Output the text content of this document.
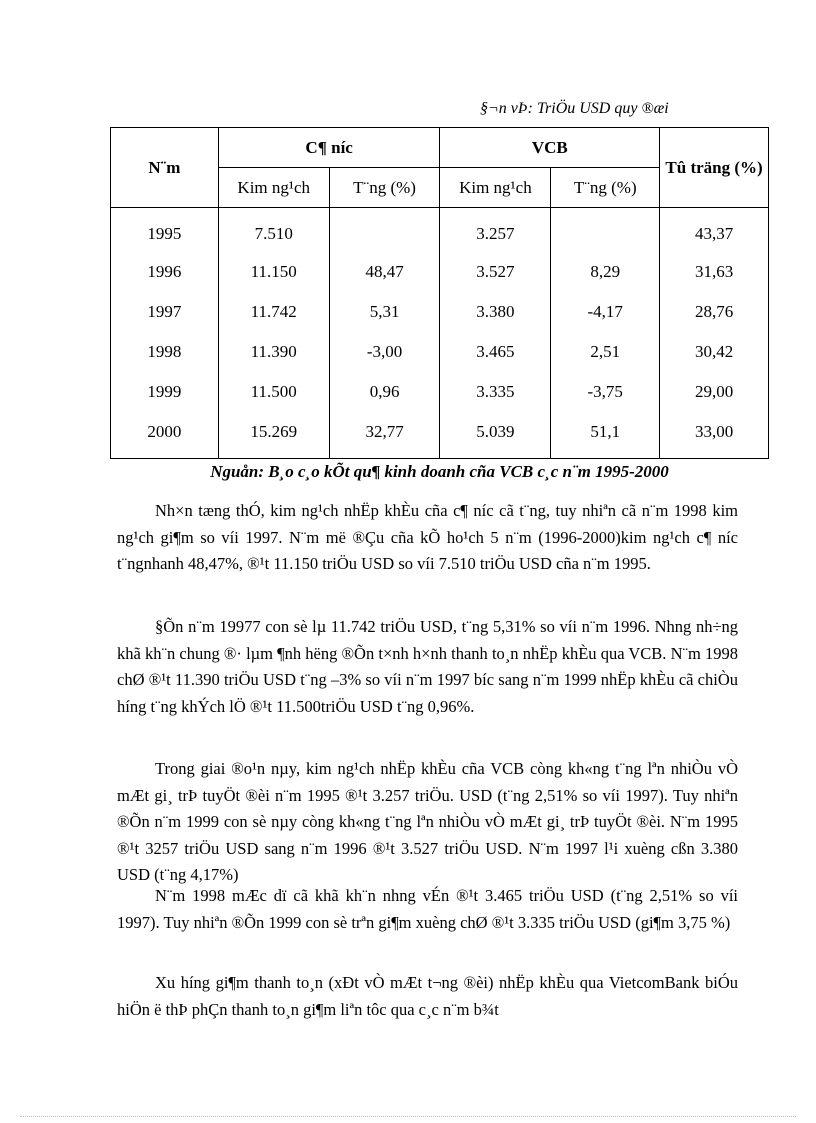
§¬n vÞ: TriÖu USD quy ®æi
N¨m	C¶ níc		VCB		Tû träng (%)
	Kim ng¹ch	T¨ng (%)	Kim ng¹ch	T¨ng (%)	
1995	7.510		3.257		43,37
1996	11.150	48,47	3.527	8,29	31,63
1997	11.742	5,31	3.380	-4,17	28,76
1998	11.390	-3,00	3.465	2,51	30,42
1999	11.500	0,96	3.335	-3,75	29,00
2000	15.269	32,77	5.039	51,1	33,00
Nguån: B¸o c¸o kÕt qu¶ kinh doanh cña VCB c¸c n¨m 1995-2000

Nh×n tæng thÓ, kim ng¹ch nhËp khÈu cña c¶ níc cã t¨ng, tuy nhiªn cã n¨m 1998 kim ng¹ch gi¶m so víi 1997. N¨m më ®Çu cña kÕ ho¹ch 5 n¨m (1996-2000)kim ng¹ch c¶ níc t¨ngnhanh 48,47%, ®¹t 11.150 triÖu USD so víi 7.510 triÖu USD cña n¨m 1995.

§Õn n¨m 19977 con sè lµ 11.742 triÖu USD, t¨ng 5,31% so víi n¨m 1996. Nhng nh÷ng khã kh¨n chung ®· lµm ¶nh hëng ®Õn t×nh h×nh thanh to¸n nhËp khÈu qua VCB. N¨m 1998 chØ ®¹t 11.390 triÖu USD t¨ng –3% so víi n¨m 1997 bíc sang n¨m 1999 nhËp khÈu cã chiÒu híng t¨ng khÝch lÖ ®¹t 11.500triÖu USD t¨ng 0,96%.

Trong giai ®o¹n nµy, kim ng¹ch nhËp khÈu cña VCB còng kh«ng t¨ng lªn nhiÒu vÒ mÆt gi¸ trÞ tuyÖt ®èi n¨m 1995 ®¹t 3.257 triÖu. USD (t¨ng 2,51% so víi 1997). Tuy nhiªn ®Õn n¨m 1999 con sè nµy còng kh«ng t¨ng lªn nhiÒu vÒ mÆt gi¸ trÞ tuyÖt ®èi. N¨m 1995 ®¹t 3257 triÖu USD sang n¨m 1996 ®¹t 3.527 triÖu USD. N¨m 1997 l¹i xuèng cßn 3.380 USD (t¨ng 4,17%)

N¨m 1998 mÆc dï cã khã kh¨n nhng vÉn ®¹t 3.465 triÖu USD (t¨ng 2,51% so víi 1997). Tuy nhiªn ®Õn 1999 con sè trªn gi¶m xuèng chØ ®¹t 3.335 triÖu USD (gi¶m 3,75 %)

Xu híng gi¶m thanh to¸n (xÐt vÒ mÆt t¬ng ®èi) nhËp khÈu qua VietcomBank biÓu hiÖn ë thÞ phÇn thanh to¸n gi¶m liªn tôc qua c¸c n¨m b¾t
